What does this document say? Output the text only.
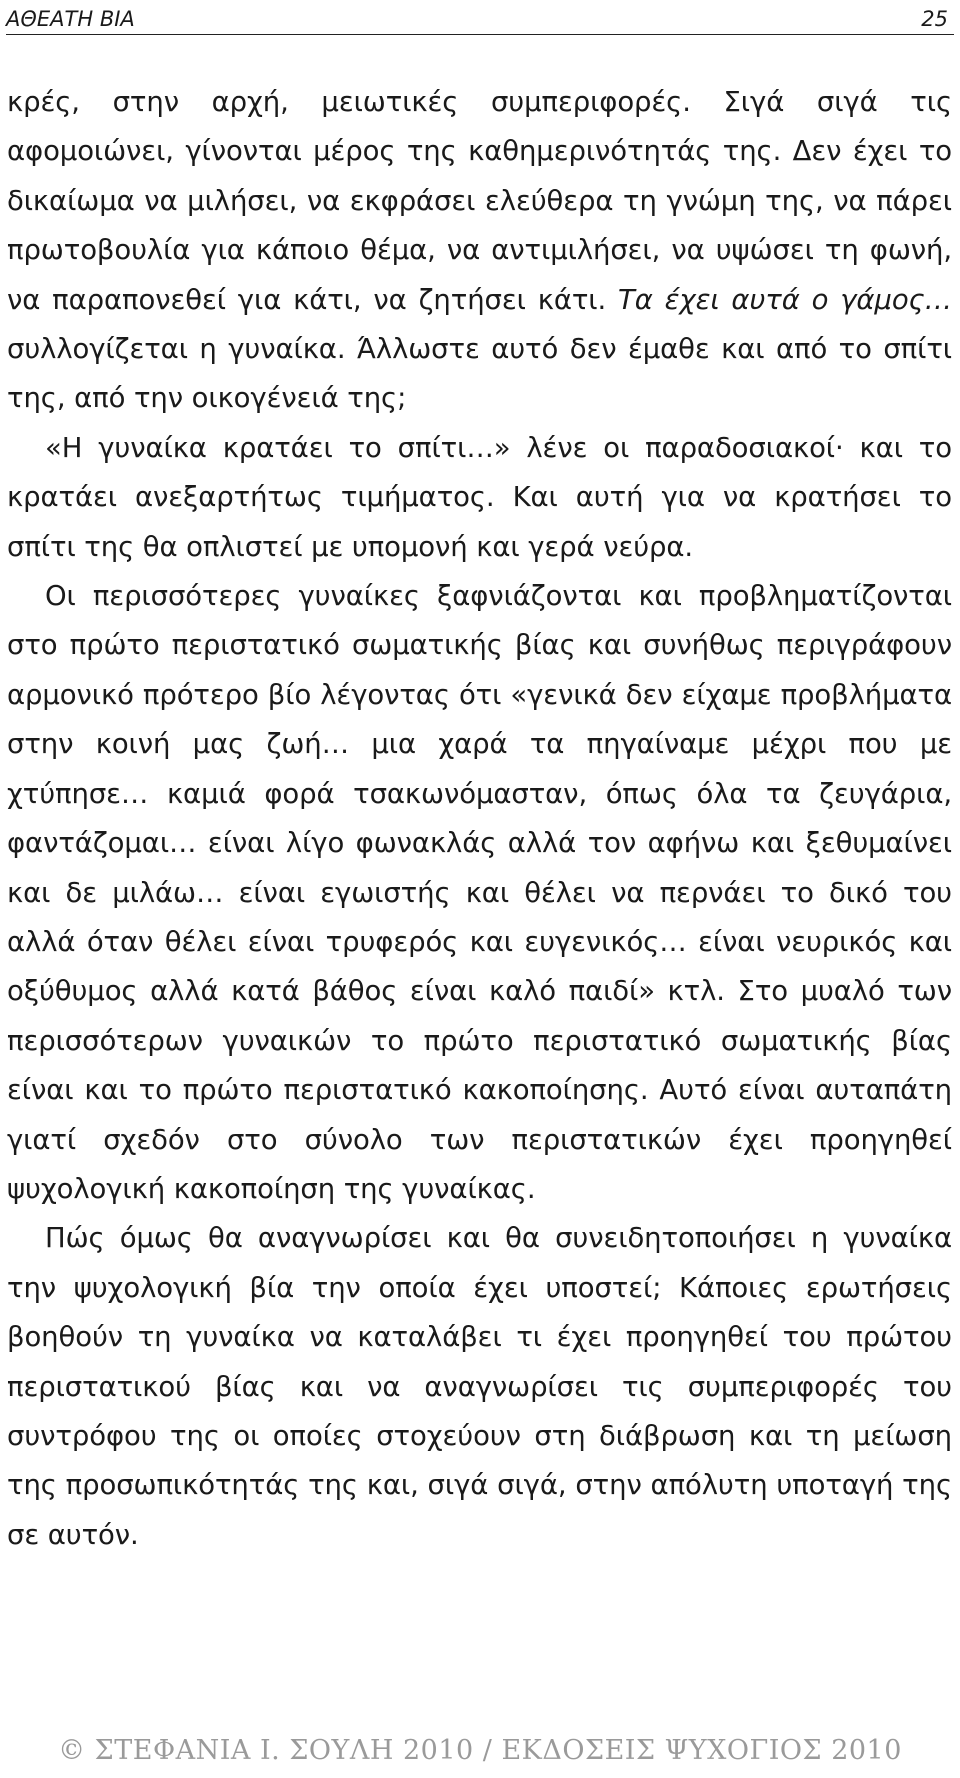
ΑΘΕΑΤΗ ΒΙΑ	25

κρές, στην αρχή, μειωτικές συμπεριφορές. Σιγά σιγά τις αφομοιώνει, γίνονται μέρος της καθημερινότητάς της. Δεν έχει το δικαίωμα να μιλήσει, να εκφράσει ελεύθερα τη γνώμη της, να πάρει πρωτοβουλία για κάποιο θέμα, να αντιμιλήσει, να υψώσει τη φωνή, να παραπονεθεί για κάτι, να ζητήσει κάτι. Τα έχει αυτά ο γάμος… συλλογίζεται η γυναίκα. Άλλωστε αυτό δεν έμαθε και από το σπίτι της, από την οικογένειά της;

«Η γυναίκα κρατάει το σπίτι…» λένε οι παραδοσιακοί· και το κρατάει ανεξαρτήτως τιμήματος. Και αυτή για να κρατήσει το σπίτι της θα οπλιστεί με υπομονή και γερά νεύρα.

Οι περισσότερες γυναίκες ξαφνιάζονται και προβληματίζονται στο πρώτο περιστατικό σωματικής βίας και συνήθως περιγράφουν αρμονικό πρότερο βίο λέγοντας ότι «γενικά δεν είχαμε προβλήματα στην κοινή μας ζωή… μια χαρά τα πηγαίναμε μέχρι που με χτύπησε… καμιά φορά τσακωνόμασταν, όπως όλα τα ζευγάρια, φαντάζομαι… είναι λίγο φωνακλάς αλλά τον αφήνω και ξεθυμαίνει και δε μιλάω… είναι εγωιστής και θέλει να περνάει το δικό του αλλά όταν θέλει είναι τρυφερός και ευγενικός… είναι νευρικός και οξύθυμος αλλά κατά βάθος είναι καλό παιδί» κτλ. Στο μυαλό των περισσότερων γυναικών το πρώτο περιστατικό σωματικής βίας είναι και το πρώτο περιστατικό κακοποίησης. Αυτό είναι αυταπάτη γιατί σχεδόν στο σύνολο των περιστατικών έχει προηγηθεί ψυχολογική κακοποίηση της γυναίκας.

Πώς όμως θα αναγνωρίσει και θα συνειδητοποιήσει η γυναίκα την ψυχολογική βία την οποία έχει υποστεί; Κάποιες ερωτήσεις βοηθούν τη γυναίκα να καταλάβει τι έχει προηγηθεί του πρώτου περιστατικού βίας και να αναγνωρίσει τις συμπεριφορές του συντρόφου της οι οποίες στοχεύουν στη διάβρωση και τη μείωση της προσωπικότητάς της και, σιγά σιγά, στην απόλυτη υποταγή της σε αυτόν.

© ΣΤΕΦΑΝΙΑ Ι. ΣΟΥΛΗ 2010 / ΕΚΔΟΣΕΙΣ ΨΥΧΟΓΙΟΣ 2010
